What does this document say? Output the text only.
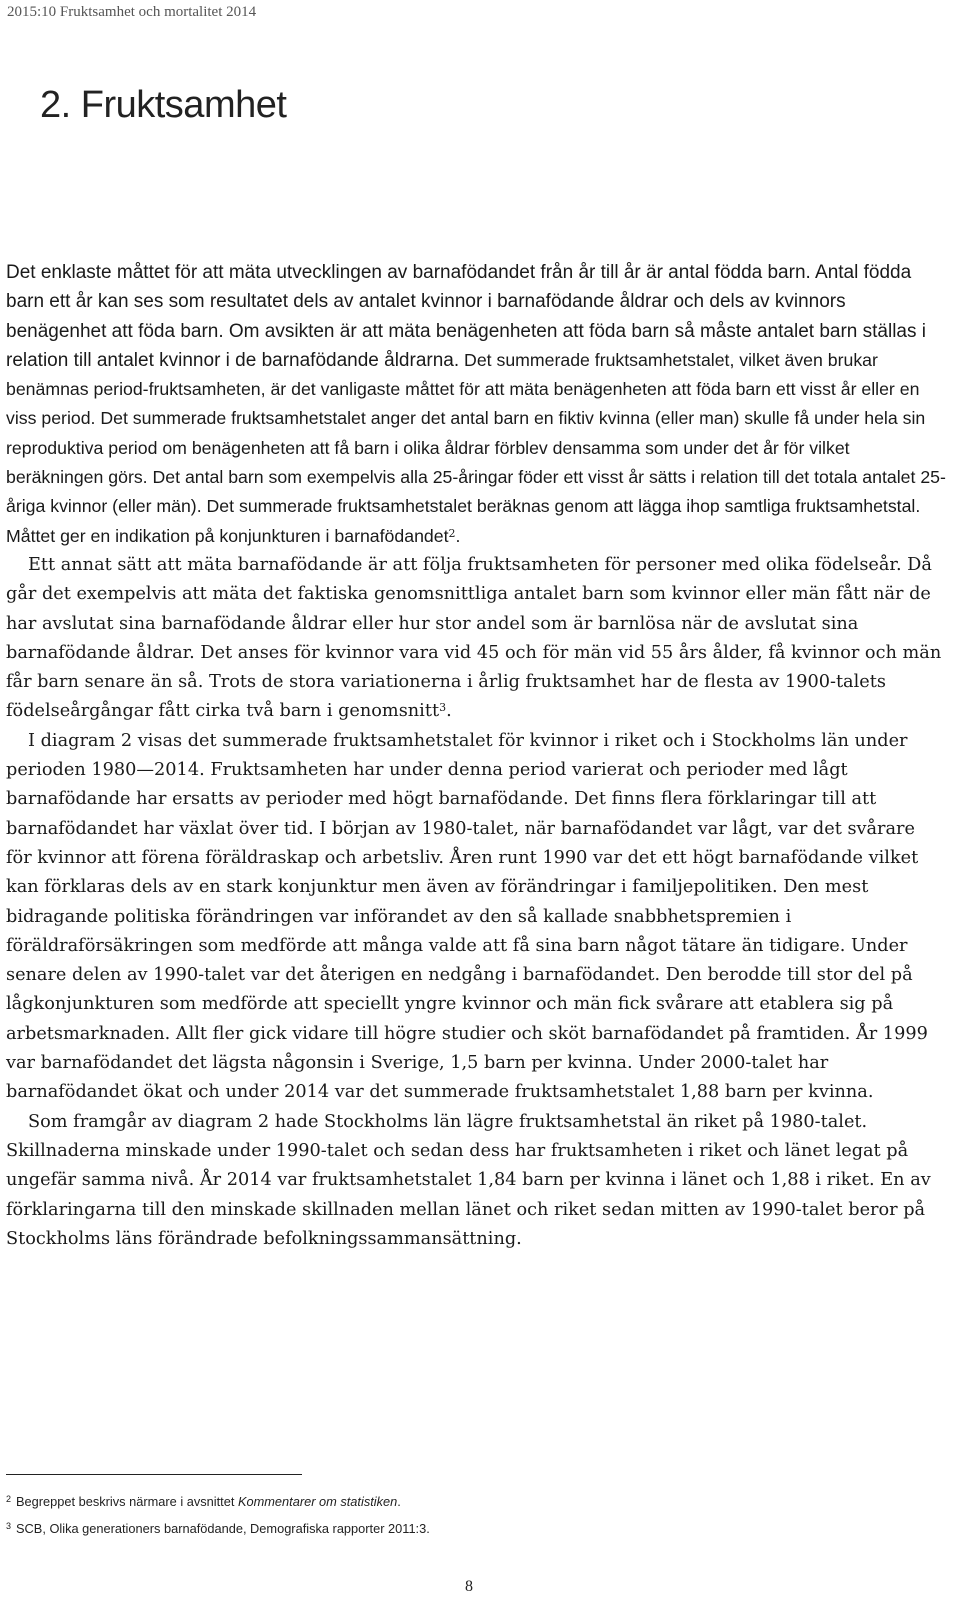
2015:10 Fruktsamhet och mortalitet 2014
2. Fruktsamhet

Det enklaste måttet för att mäta utvecklingen av barnafödandet från år till år är antal födda barn. Antal födda barn ett år kan ses som resultatet dels av antalet kvinnor i barnafödande åldrar och dels av kvinnors benägenhet att föda barn. Om avsikten är att mäta benägenheten att föda barn så måste antalet barn ställas i relation till antalet kvinnor i de barnafödande åldrarna. Det summerade fruktsamhetstalet, vilket även brukar benämnas period-fruktsamheten, är det vanligaste måttet för att mäta benägenheten att föda barn ett visst år eller en viss period. Det summerade fruktsamhetstalet anger det antal barn en fiktiv kvinna (eller man) skulle få under hela sin reproduktiva period om benägenheten att få barn i olika åldrar förblev densamma som under det år för vilket beräkningen görs. Det antal barn som exempelvis alla 25-åringar föder ett visst år sätts i relation till det totala antalet 25-åriga kvinnor (eller män). Det summerade fruktsamhetstalet beräknas genom att lägga ihop samtliga fruktsamhetstal. Måttet ger en indikation på konjunkturen i barnafödandet$^2$.

Ett annat sätt att mäta barnafödande är att följa fruktsamheten för personer med olika födelseår. Då går det exempelvis att mäta det faktiska genomsnittliga antalet barn som kvinnor eller män fått när de har avslutat sina barnafödande åldrar eller hur stor andel som är barnlösa när de avslutat sina barnafödande åldrar. Det anses för kvinnor vara vid 45 och för män vid 55 års ålder, få kvinnor och män får barn senare än så. Trots de stora variationerna i årlig fruktsamhet har de flesta av 1900-talets födelseårgångar fått cirka två barn i genomsnitt$^3$.

I diagram 2 visas det summerade fruktsamhetstalet för kvinnor i riket och i Stockholms län under perioden 1980—2014. Fruktsamheten har under denna period varierat och perioder med lågt barnafödande har ersatts av perioder med högt barnafödande. Det finns flera förklaringar till att barnafödandet har växlat över tid. I början av 1980-talet, när barnafödandet var lågt, var det svårare för kvinnor att förena föräldraskap och arbetsliv. Åren runt 1990 var det ett högt barnafödande vilket kan förklaras dels av en stark konjunktur men även av förändringar i familjepolitiken. Den mest bidragande politiska förändringen var införandet av den så kallade snabbhetspremien i föräldraförsäkringen som medförde att många valde att få sina barn något tätare än tidigare. Under senare delen av 1990-talet var det återigen en nedgång i barnafödandet. Den berodde till stor del på lågkonjunkturen som medförde att speciellt yngre kvinnor och män fick svårare att etablera sig på arbetsmarknaden. Allt fler gick vidare till högre studier och sköt barnafödandet på framtiden. År 1999 var barnafödandet det lägsta någonsin i Sverige, 1,5 barn per kvinna. Under 2000-talet har barnafödandet ökat och under 2014 var det summerade fruktsamhetstalet 1,88 barn per kvinna.

Som framgår av diagram 2 hade Stockholms län lägre fruktsamhetstal än riket på 1980-talet. Skillnaderna minskade under 1990-talet och sedan dess har fruktsamheten i riket och länet legat på ungefär samma nivå. År 2014 var fruktsamhetstalet 1,84 barn per kvinna i länet och 1,88 i riket. En av förklaringarna till den minskade skillnaden mellan länet och riket sedan mitten av 1990-talet beror på Stockholms läns förändrade befolkningssammansättning.

$^2$ Begreppet beskrivs närmare i avsnittet Kommentarer om statistiken.
$^3$ SCB, Olika generationers barnafödande, Demografiska rapporter 2011:3.
8
